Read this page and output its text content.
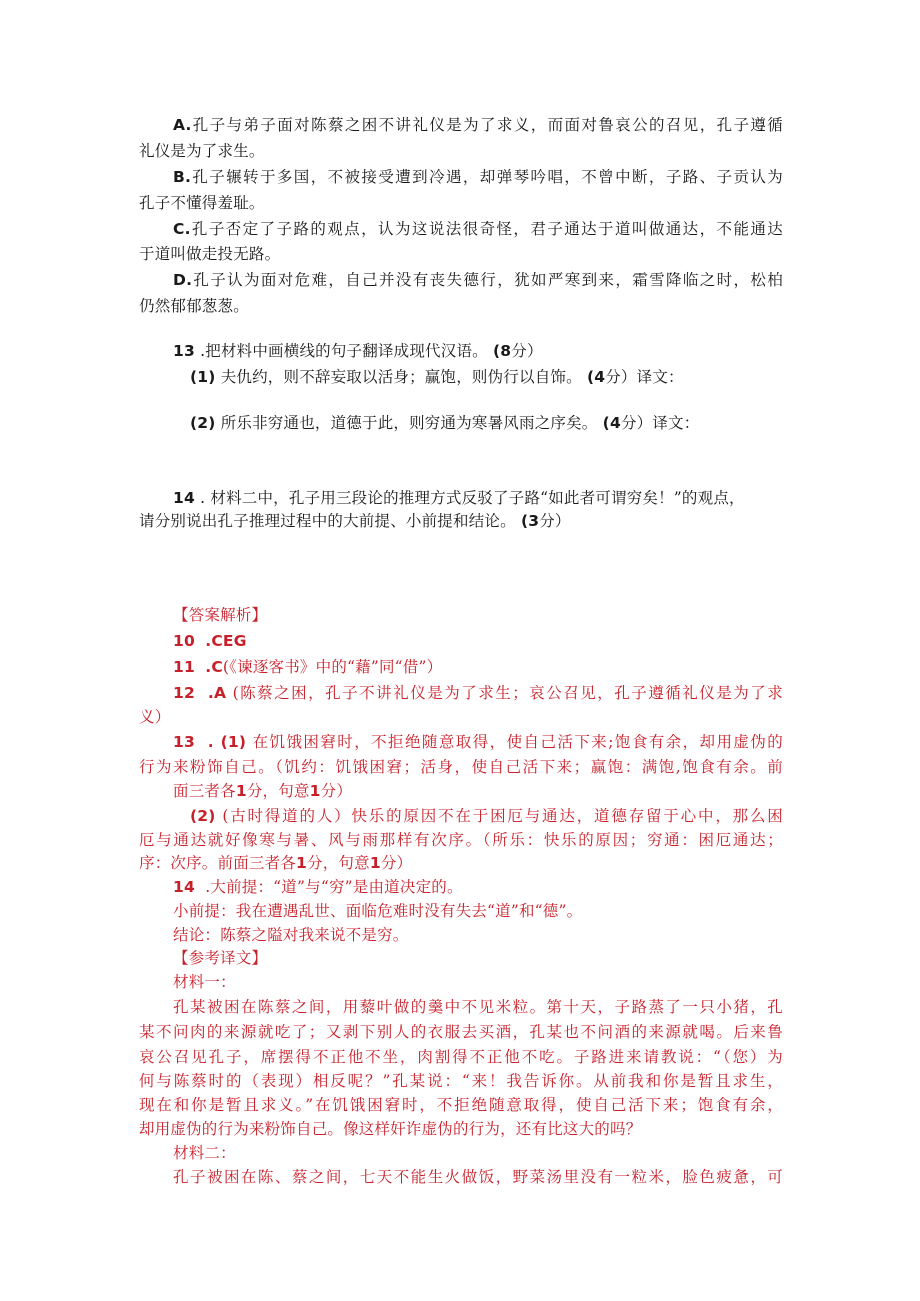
A.孔子与弟子面对陈蔡之困不讲礼仪是为了求义，而面对鲁哀公的召见，孔子遵循
礼仪是为了求生。
B.孔子辗转于多国，不被接受遭到冷遇，却弹琴吟唱，不曾中断，子路、子贡认为
孔子不懂得羞耻。
C.孔子否定了子路的观点，认为这说法很奇怪，君子通达于道叫做通达，不能通达
于道叫做走投无路。
D.孔子认为面对危难，自己并没有丧失德行，犹如严寒到来，霜雪降临之时，松柏
仍然郁郁葱葱。
13 .把材料中画横线的句子翻译成现代汉语。 (8分）
(1) 夫仇约，则不辞妄取以活身；赢饱，则伪行以自饰。 (4分）译文：
(2) 所乐非穷通也，道德于此，则穷通为寒暑风雨之序矣。 (4分）译文：
14 . 材料二中，孔子用三段论的推理方式反驳了子路“如此者可谓穷矣！”的观点，
请分别说出孔子推理过程中的大前提、小前提和结论。 (3分）
【答案解析】
10 .CEG
11 .C(《谏逐客书》中的“藉”同“借”）
12 .A (陈蔡之困，孔子不讲礼仪是为了求生；哀公召见，孔子遵循礼仪是为了求
义）
13 . (1) 在饥饿困窘时，不拒绝随意取得，使自己活下来;饱食有余，却用虚伪的
行为来粉饰自己。（饥约：饥饿困窘；活身，使自己活下来；赢饱：满饱,饱食有余。前
面三者各1分，句意1分）
(2) (古时得道的人）快乐的原因不在于困厄与通达，道德存留于心中，那么困
厄与通达就好像寒与暑、风与雨那样有次序。（所乐：快乐的原因；穷通：困厄通达；
序：次序。前面三者各1分，句意1分）
14 .大前提：“道”与“穷”是由道决定的。
小前提：我在遭遇乱世、面临危难时没有失去“道”和“德”。
结论：陈蔡之隘对我来说不是穷。
【参考译文】
材料一：
孔某被困在陈蔡之间，用藜叶做的羹中不见米粒。第十天，子路蒸了一只小猪，孔
某不问肉的来源就吃了；又剥下别人的衣服去买酒，孔某也不问酒的来源就喝。后来鲁
哀公召见孔子，席摆得不正他不坐，肉割得不正他不吃。子路进来请教说：“（您）为
何与陈蔡时的（表现）相反呢？”孔某说：“来！我告诉你。从前我和你是暂且求生，
现在和你是暂且求义。”在饥饿困窘时，不拒绝随意取得，使自己活下来；饱食有余，
却用虚伪的行为来粉饰自己。像这样奸诈虚伪的行为，还有比这大的吗？
材料二：
孔子被困在陈、蔡之间，七天不能生火做饭，野菜汤里没有一粒米，脸色疲惫，可
